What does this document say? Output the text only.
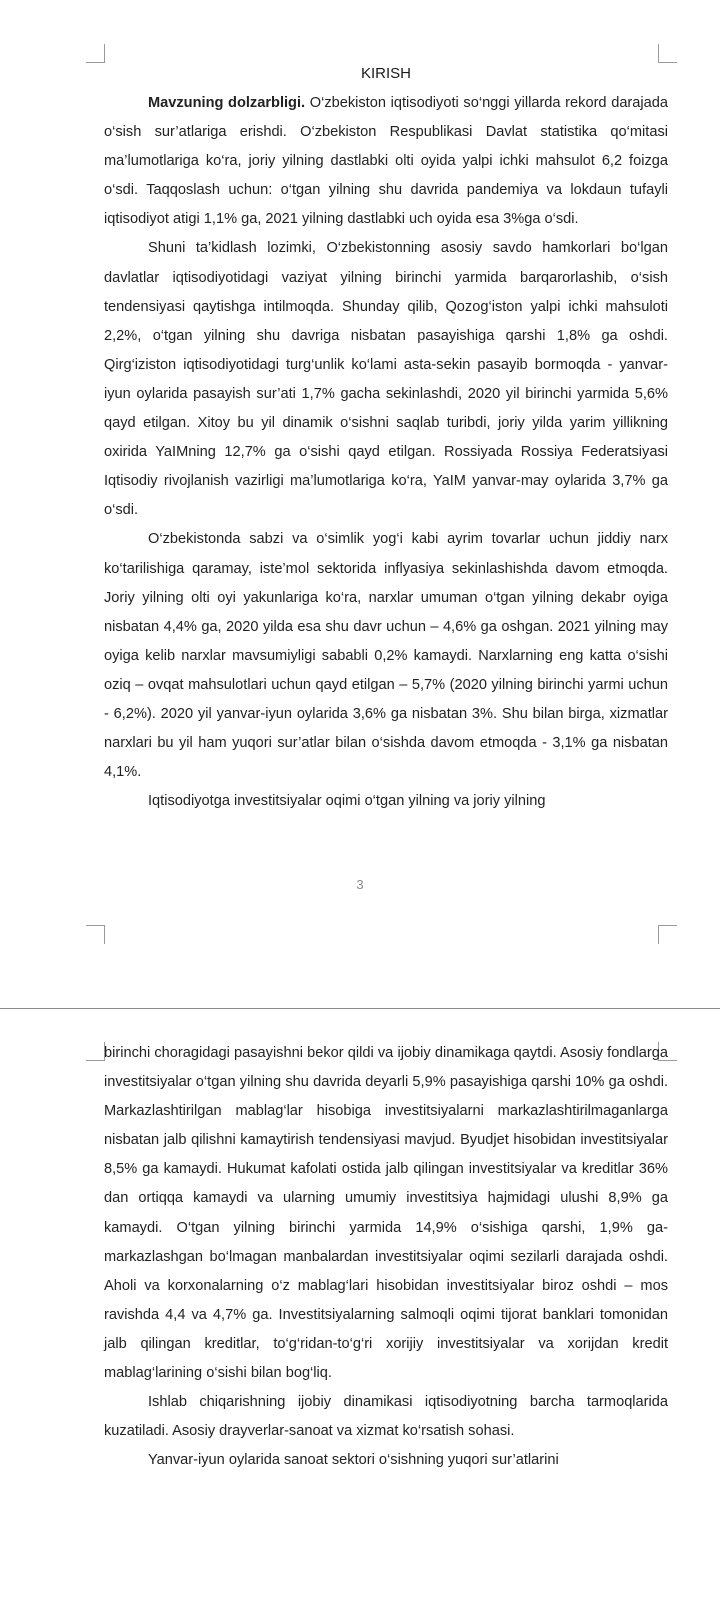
KIRISH

Mavzuning dolzarbligi. O‘zbekiston iqtisodiyoti so‘nggi yillarda rekord darajada o‘sish sur’atlariga erishdi. O‘zbekiston Respublikasi Davlat statistika qo‘mitasi ma’lumotlariga ko‘ra, joriy yilning dastlabki olti oyida yalpi ichki mahsulot 6,2 foizga o‘sdi. Taqqoslash uchun: o‘tgan yilning shu davrida pandemiya va lokdaun tufayli iqtisodiyot atigi 1,1% ga, 2021 yilning dastlabki uch oyida esa 3%ga o‘sdi.

Shuni ta’kidlash lozimki, O‘zbekistonning asosiy savdo hamkorlari bo‘lgan davlatlar iqtisodiyotidagi vaziyat yilning birinchi yarmida barqarorlashib, o‘sish tendensiyasi qaytishga intilmoqda. Shunday qilib, Qozog‘iston yalpi ichki mahsuloti 2,2%, o‘tgan yilning shu davriga nisbatan pasayishiga qarshi 1,8% ga oshdi. Qirg‘iziston iqtisodiyotidagi turg‘unlik ko‘lami asta-sekin pasayib bormoqda - yanvar-iyun oylarida pasayish sur’ati 1,7% gacha sekinlashdi, 2020 yil birinchi yarmida 5,6% qayd etilgan. Xitoy bu yil dinamik o‘sishni saqlab turibdi, joriy yilda yarim yillikning oxirida YaIMning 12,7% ga o‘sishi qayd etilgan. Rossiyada Rossiya Federatsiyasi Iqtisodiy rivojlanish vazirligi ma’lumotlariga ko‘ra, YaIM yanvar-may oylarida 3,7% ga o‘sdi.

O‘zbekistonda sabzi va o‘simlik yog‘i kabi ayrim tovarlar uchun jiddiy narx ko‘tarilishiga qaramay, iste’mol sektorida inflyasiya sekinlashishda davom etmoqda. Joriy yilning olti oyi yakunlariga ko‘ra, narxlar umuman o‘tgan yilning dekabr oyiga nisbatan 4,4% ga, 2020 yilda esa shu davr uchun – 4,6% ga oshgan. 2021 yilning may oyiga kelib narxlar mavsumiyligi sababli 0,2% kamaydi. Narxlarning eng katta o‘sishi oziq – ovqat mahsulotlari uchun qayd etilgan – 5,7% (2020 yilning birinchi yarmi uchun - 6,2%). 2020 yil yanvar-iyun oylarida 3,6% ga nisbatan 3%. Shu bilan birga, xizmatlar narxlari bu yil ham yuqori sur’atlar bilan o‘sishda davom etmoqda - 3,1% ga nisbatan 4,1%.

Iqtisodiyotga investitsiyalar oqimi o‘tgan yilning va joriy yilning

3

birinchi choragidagi pasayishni bekor qildi va ijobiy dinamikaga qaytdi. Asosiy fondlarga investitsiyalar o‘tgan yilning shu davrida deyarli 5,9% pasayishiga qarshi 10% ga oshdi. Markazlashtirilgan mablag‘lar hisobiga investitsiyalarni markazlashtirilmaganlarga nisbatan jalb qilishni kamaytirish tendensiyasi mavjud. Byudjet hisobidan investitsiyalar 8,5% ga kamaydi. Hukumat kafolati ostida jalb qilingan investitsiyalar va kreditlar 36% dan ortiqqa kamaydi va ularning umumiy investitsiya hajmidagi ulushi 8,9% ga kamaydi. O‘tgan yilning birinchi yarmida 14,9% o‘sishiga qarshi, 1,9% ga-markazlashgan bo‘lmagan manbalardan investitsiyalar oqimi sezilarli darajada oshdi. Aholi va korxonalarning o‘z mablag‘lari hisobidan investitsiyalar biroz oshdi – mos ravishda 4,4 va 4,7% ga. Investitsiyalarning salmoqli oqimi tijorat banklari tomonidan jalb qilingan kreditlar, to‘g‘ridan-to‘g‘ri xorijiy investitsiyalar va xorijdan kredit mablag‘larining o‘sishi bilan bog‘liq.

Ishlab chiqarishning ijobiy dinamikasi iqtisodiyotning barcha tarmoqlarida kuzatiladi. Asosiy drayverlar-sanoat va xizmat ko‘rsatish sohasi.

Yanvar-iyun oylarida sanoat sektori o‘sishning yuqori sur’atlarini
